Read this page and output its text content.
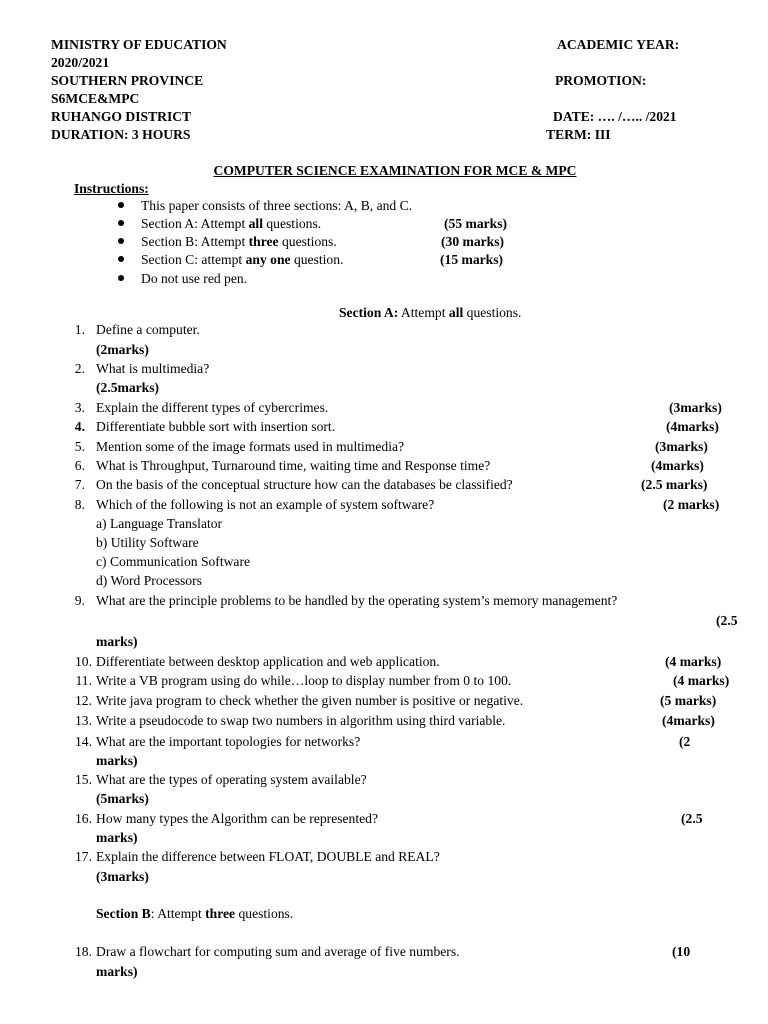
MINISTRY OF EDUCATION	ACADEMIC YEAR:
2020/2021
SOUTHERN PROVINCE	PROMOTION:
S6MCE&MPC
RUHANGO DISTRICT	DATE: …. /….. /2021
DURATION: 3 HOURS	TERM: III
COMPUTER SCIENCE EXAMINATION FOR MCE & MPC
Instructions:
This paper consists of three sections: A, B, and C.
Section A: Attempt all questions.	(55 marks)
Section B: Attempt three questions.	(30 marks)
Section C: attempt any one question.	(15 marks)
Do not use red pen.
Section A: Attempt all questions.
1. Define a computer.
(2marks)
2. What is multimedia?
(2.5marks)
3. Explain the different types of cybercrimes.	(3marks)
4. Differentiate bubble sort with insertion sort.	(4marks)
5. Mention some of the image formats used in multimedia?	(3marks)
6. What is Throughput, Turnaround time, waiting time and Response time?	(4marks)
7. On the basis of the conceptual structure how can the databases be classified?	(2.5 marks)
8. Which of the following is not an example of system software?	(2 marks)
a) Language Translator
b) Utility Software
c) Communication Software
d) Word Processors
9. What are the principle problems to be handled by the operating system’s memory management?
(2.5
marks)
10. Differentiate between desktop application and web application.	(4 marks)
11. Write a VB program using do while…loop to display number from 0 to 100.	(4 marks)
12. Write java program to check whether the given number is positive or negative.	(5 marks)
13. Write a pseudocode to swap two numbers in algorithm using third variable.	(4marks)
14. What are the important topologies for networks?	(2
marks)
15. What are the types of operating system available?
(5marks)
16. How many types the Algorithm can be represented?	(2.5
marks)
17. Explain the difference between FLOAT, DOUBLE and REAL?
(3marks)
Section B: Attempt three questions.
18. Draw a flowchart for computing sum and average of five numbers.	(10
marks)
